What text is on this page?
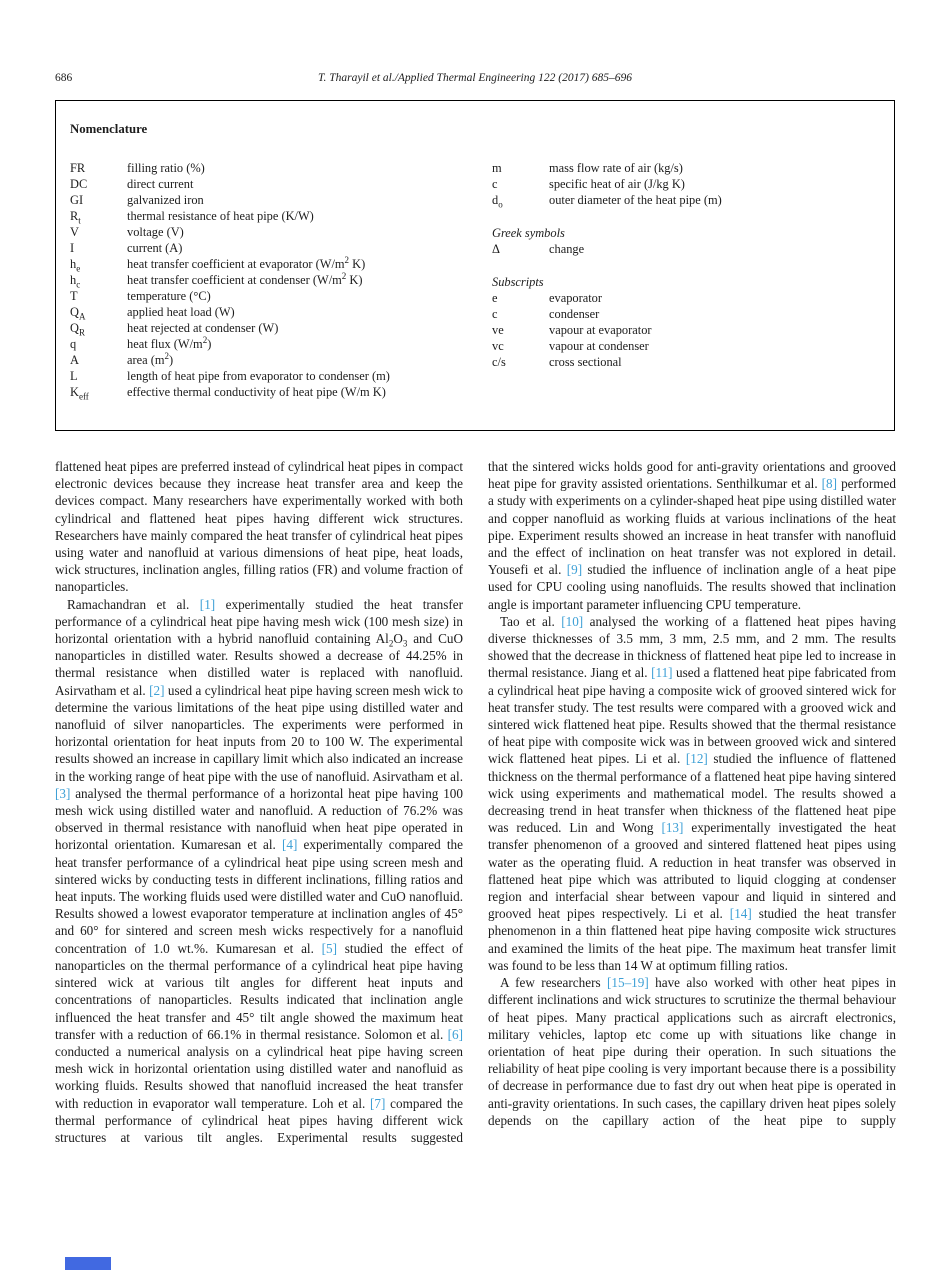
686	T. Tharayil et al./Applied Thermal Engineering 122 (2017) 685–696
Nomenclature
FR	filling ratio (%)
DC	direct current
GI	galvanized iron
$R_t$	thermal resistance of heat pipe (K/W)
V	voltage (V)
I	current (A)
$h_e$	heat transfer coefficient at evaporator ($W/m^2$ K)
$h_c$	heat transfer coefficient at condenser ($W/m^2$ K)
T	temperature (°C)
$Q_A$	applied heat load (W)
$Q_R$	heat rejected at condenser (W)
q	heat flux $(W/m^2)$
A	area $(m^2)$
L	length of heat pipe from evaporator to condenser (m)
$K_{eff}$	effective thermal conductivity of heat pipe (W/m K)
m	mass flow rate of air (kg/s)
c	specific heat of air (J/kg K)
$d_o$	outer diameter of the heat pipe (m)
Greek symbols
Δ	change
Subscripts
e	evaporator
c	condenser
ve	vapour at evaporator
vc	vapour at condenser
c/s	cross sectional

flattened heat pipes are preferred instead of cylindrical heat pipes in compact electronic devices because they increase heat transfer area and keep the devices compact. Many researchers have experimentally worked with both cylindrical and flattened heat pipes having different wick structures. Researchers have mainly compared the heat transfer of cylindrical heat pipes using water and nanofluid at various dimensions of heat pipe, heat loads, wick structures, inclination angles, filling ratios (FR) and volume fraction of nanoparticles.

Ramachandran et al. [1] experimentally studied the heat transfer performance of a cylindrical heat pipe having mesh wick (100 mesh size) in horizontal orientation with a hybrid nanofluid containing $Al_2O_3$ and CuO nanoparticles in distilled water. Results showed a decrease of 44.25% in thermal resistance when distilled water is replaced with nanofluid. Asirvatham et al. [2] used a cylindrical heat pipe having screen mesh wick to determine the various limitations of the heat pipe using distilled water and nanofluid of silver nanoparticles. The experiments were performed in horizontal orientation for heat inputs from 20 to 100 W. The experimental results showed an increase in capillary limit which also indicated an increase in the working range of heat pipe with the use of nanofluid. Asirvatham et al. [3] analysed the thermal performance of a horizontal heat pipe having 100 mesh wick using distilled water and nanofluid. A reduction of 76.2% was observed in thermal resistance with nanofluid when heat pipe operated in horizontal orientation. Kumaresan et al. [4] experimentally compared the heat transfer performance of a cylindrical heat pipe using screen mesh and sintered wicks by conducting tests in different inclinations, filling ratios and heat inputs. The working fluids used were distilled water and CuO nanofluid. Results showed a lowest evaporator temperature at inclination angles of 45° and 60° for sintered and screen mesh wicks respectively for a nanofluid concentration of 1.0 wt.%. Kumaresan et al. [5] studied the effect of nanoparticles on the thermal performance of a cylindrical heat pipe having sintered wick at various tilt angles for different heat inputs and concentrations of nanoparticles. Results indicated that inclination angle influenced the heat transfer and 45° tilt angle showed the maximum heat transfer with a reduction of 66.1% in thermal resistance. Solomon et al. [6] conducted a numerical analysis on a cylindrical heat pipe having screen mesh wick in horizontal orientation using distilled water and nanofluid as working fluids. Results showed that nanofluid increased the heat transfer with reduction in evaporator wall temperature. Loh et al. [7] compared the thermal performance of cylindrical heat pipes having different wick structures at various tilt angles. Experimental results suggested

that the sintered wicks holds good for anti-gravity orientations and grooved heat pipe for gravity assisted orientations. Senthilkumar et al. [8] performed a study with experiments on a cylinder-shaped heat pipe using distilled water and copper nanofluid as working fluids at various inclinations of the heat pipe. Experiment results showed an increase in heat transfer with nanofluid and the effect of inclination on heat transfer was not explored in detail. Yousefi et al. [9] studied the influence of inclination angle of a heat pipe used for CPU cooling using nanofluids. The results showed that inclination angle is important parameter influencing CPU temperature.

Tao et al. [10] analysed the working of a flattened heat pipes having diverse thicknesses of 3.5 mm, 3 mm, 2.5 mm, and 2 mm. The results showed that the decrease in thickness of flattened heat pipe led to increase in thermal resistance. Jiang et al. [11] used a flattened heat pipe fabricated from a cylindrical heat pipe having a composite wick of grooved sintered wick for heat transfer study. The test results were compared with a grooved wick and sintered wick flattened heat pipe. Results showed that the thermal resistance of heat pipe with composite wick was in between grooved wick and sintered wick flattened heat pipes. Li et al. [12] studied the influence of flattened thickness on the thermal performance of a flattened heat pipe having sintered wick using experiments and mathematical model. The results showed a decreasing trend in heat transfer when thickness of the flattened heat pipe was reduced. Lin and Wong [13] experimentally investigated the heat transfer phenomenon of a grooved and sintered flattened heat pipes using water as the operating fluid. A reduction in heat transfer was observed in flattened heat pipe which was attributed to liquid clogging at condenser region and interfacial shear between vapour and liquid in sintered and grooved heat pipes respectively. Li et al. [14] studied the heat transfer phenomenon in a thin flattened heat pipe having composite wick structures and examined the limits of the heat pipe. The maximum heat transfer limit was found to be less than 14 W at optimum filling ratios.

A few researchers [15–19] have also worked with other heat pipes in different inclinations and wick structures to scrutinize the thermal behaviour of heat pipes. Many practical applications such as aircraft electronics, military vehicles, laptop etc come up with situations like change in orientation of heat pipe during their operation. In such situations the reliability of heat pipe cooling is very important because there is a possibility of decrease in performance due to fast dry out when heat pipe is operated in anti-gravity orientations. In such cases, the capillary driven heat pipes solely depends on the capillary action of the heat pipe to supply
